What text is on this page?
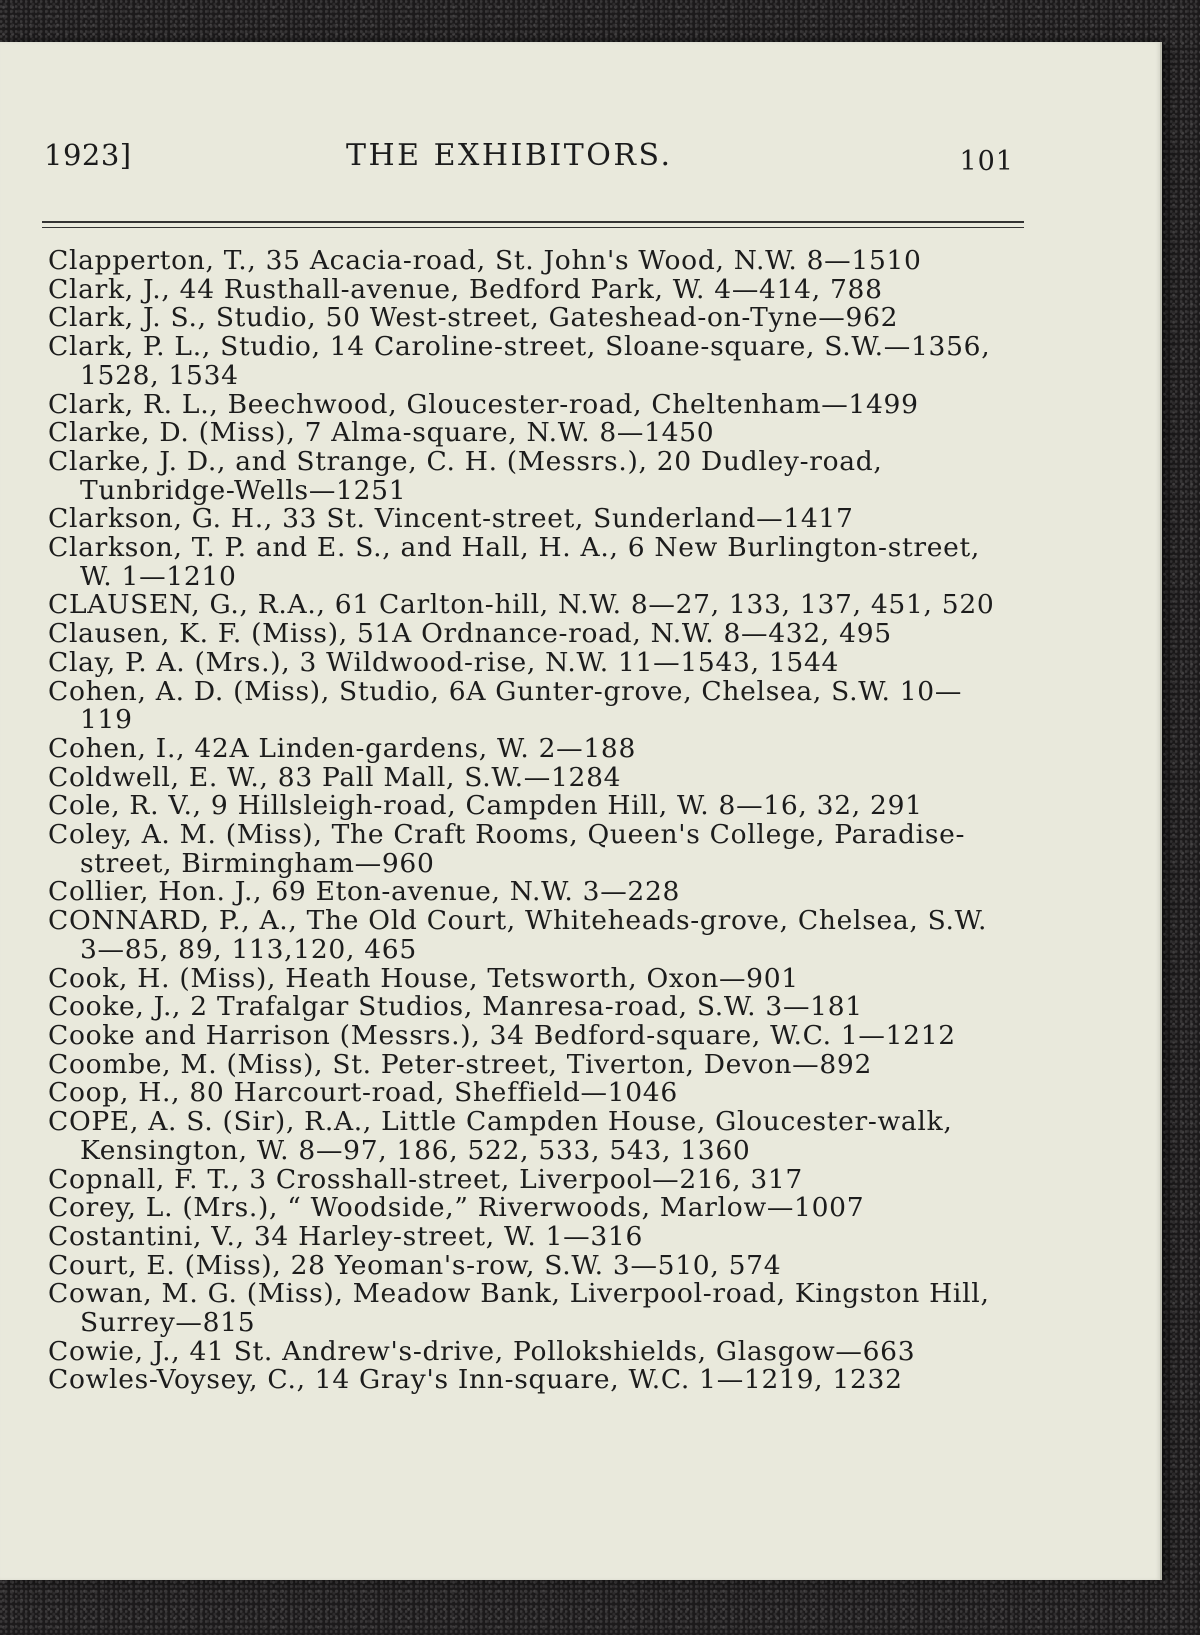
1923]	THE EXHIBITORS.	101

Clapperton, T., 35 Acacia-road, St. John's Wood, N.W. 8—1510

Clark, J., 44 Rusthall-avenue, Bedford Park, W. 4—414, 788

Clark, J. S., Studio, 50 West-street, Gateshead-on-Tyne—962

Clark, P. L., Studio, 14 Caroline-street, Sloane-square, S.W.—1356, 1528, 1534

Clark, R. L., Beechwood, Gloucester-road, Cheltenham—1499

Clarke, D. (Miss), 7 Alma-square, N.W. 8—1450

Clarke, J. D., and Strange, C. H. (Messrs.), 20 Dudley-road, Tunbridge-Wells—1251

Clarkson, G. H., 33 St. Vincent-street, Sunderland—1417

Clarkson, T. P. and E. S., and Hall, H. A., 6 New Burlington-street, W. 1—1210

CLAUSEN, G., R.A., 61 Carlton-hill, N.W. 8—27, 133, 137, 451, 520

Clausen, K. F. (Miss), 51A Ordnance-road, N.W. 8—432, 495

Clay, P. A. (Mrs.), 3 Wildwood-rise, N.W. 11—1543, 1544

Cohen, A. D. (Miss), Studio, 6A Gunter-grove, Chelsea, S.W. 10—119

Cohen, I., 42A Linden-gardens, W. 2—188

Coldwell, E. W., 83 Pall Mall, S.W.—1284

Cole, R. V., 9 Hillsleigh-road, Campden Hill, W. 8—16, 32, 291

Coley, A. M. (Miss), The Craft Rooms, Queen's College, Paradise-street, Birmingham—960

Collier, Hon. J., 69 Eton-avenue, N.W. 3—228

CONNARD, P., A., The Old Court, Whiteheads-grove, Chelsea, S.W. 3—85, 89, 113,120, 465

Cook, H. (Miss), Heath House, Tetsworth, Oxon—901

Cooke, J., 2 Trafalgar Studios, Manresa-road, S.W. 3—181

Cooke and Harrison (Messrs.), 34 Bedford-square, W.C. 1—1212

Coombe, M. (Miss), St. Peter-street, Tiverton, Devon—892

Coop, H., 80 Harcourt-road, Sheffield—1046

COPE, A. S. (Sir), R.A., Little Campden House, Gloucester-walk, Kensington, W. 8—97, 186, 522, 533, 543, 1360

Copnall, F. T., 3 Crosshall-street, Liverpool—216, 317

Corey, L. (Mrs.), “ Woodside,” Riverwoods, Marlow—1007

Costantini, V., 34 Harley-street, W. 1—316

Court, E. (Miss), 28 Yeoman's-row, S.W. 3—510, 574

Cowan, M. G. (Miss), Meadow Bank, Liverpool-road, Kingston Hill, Surrey—815

Cowie, J., 41 St. Andrew's-drive, Pollokshields, Glasgow—663

Cowles-Voysey, C., 14 Gray's Inn-square, W.C. 1—1219, 1232
